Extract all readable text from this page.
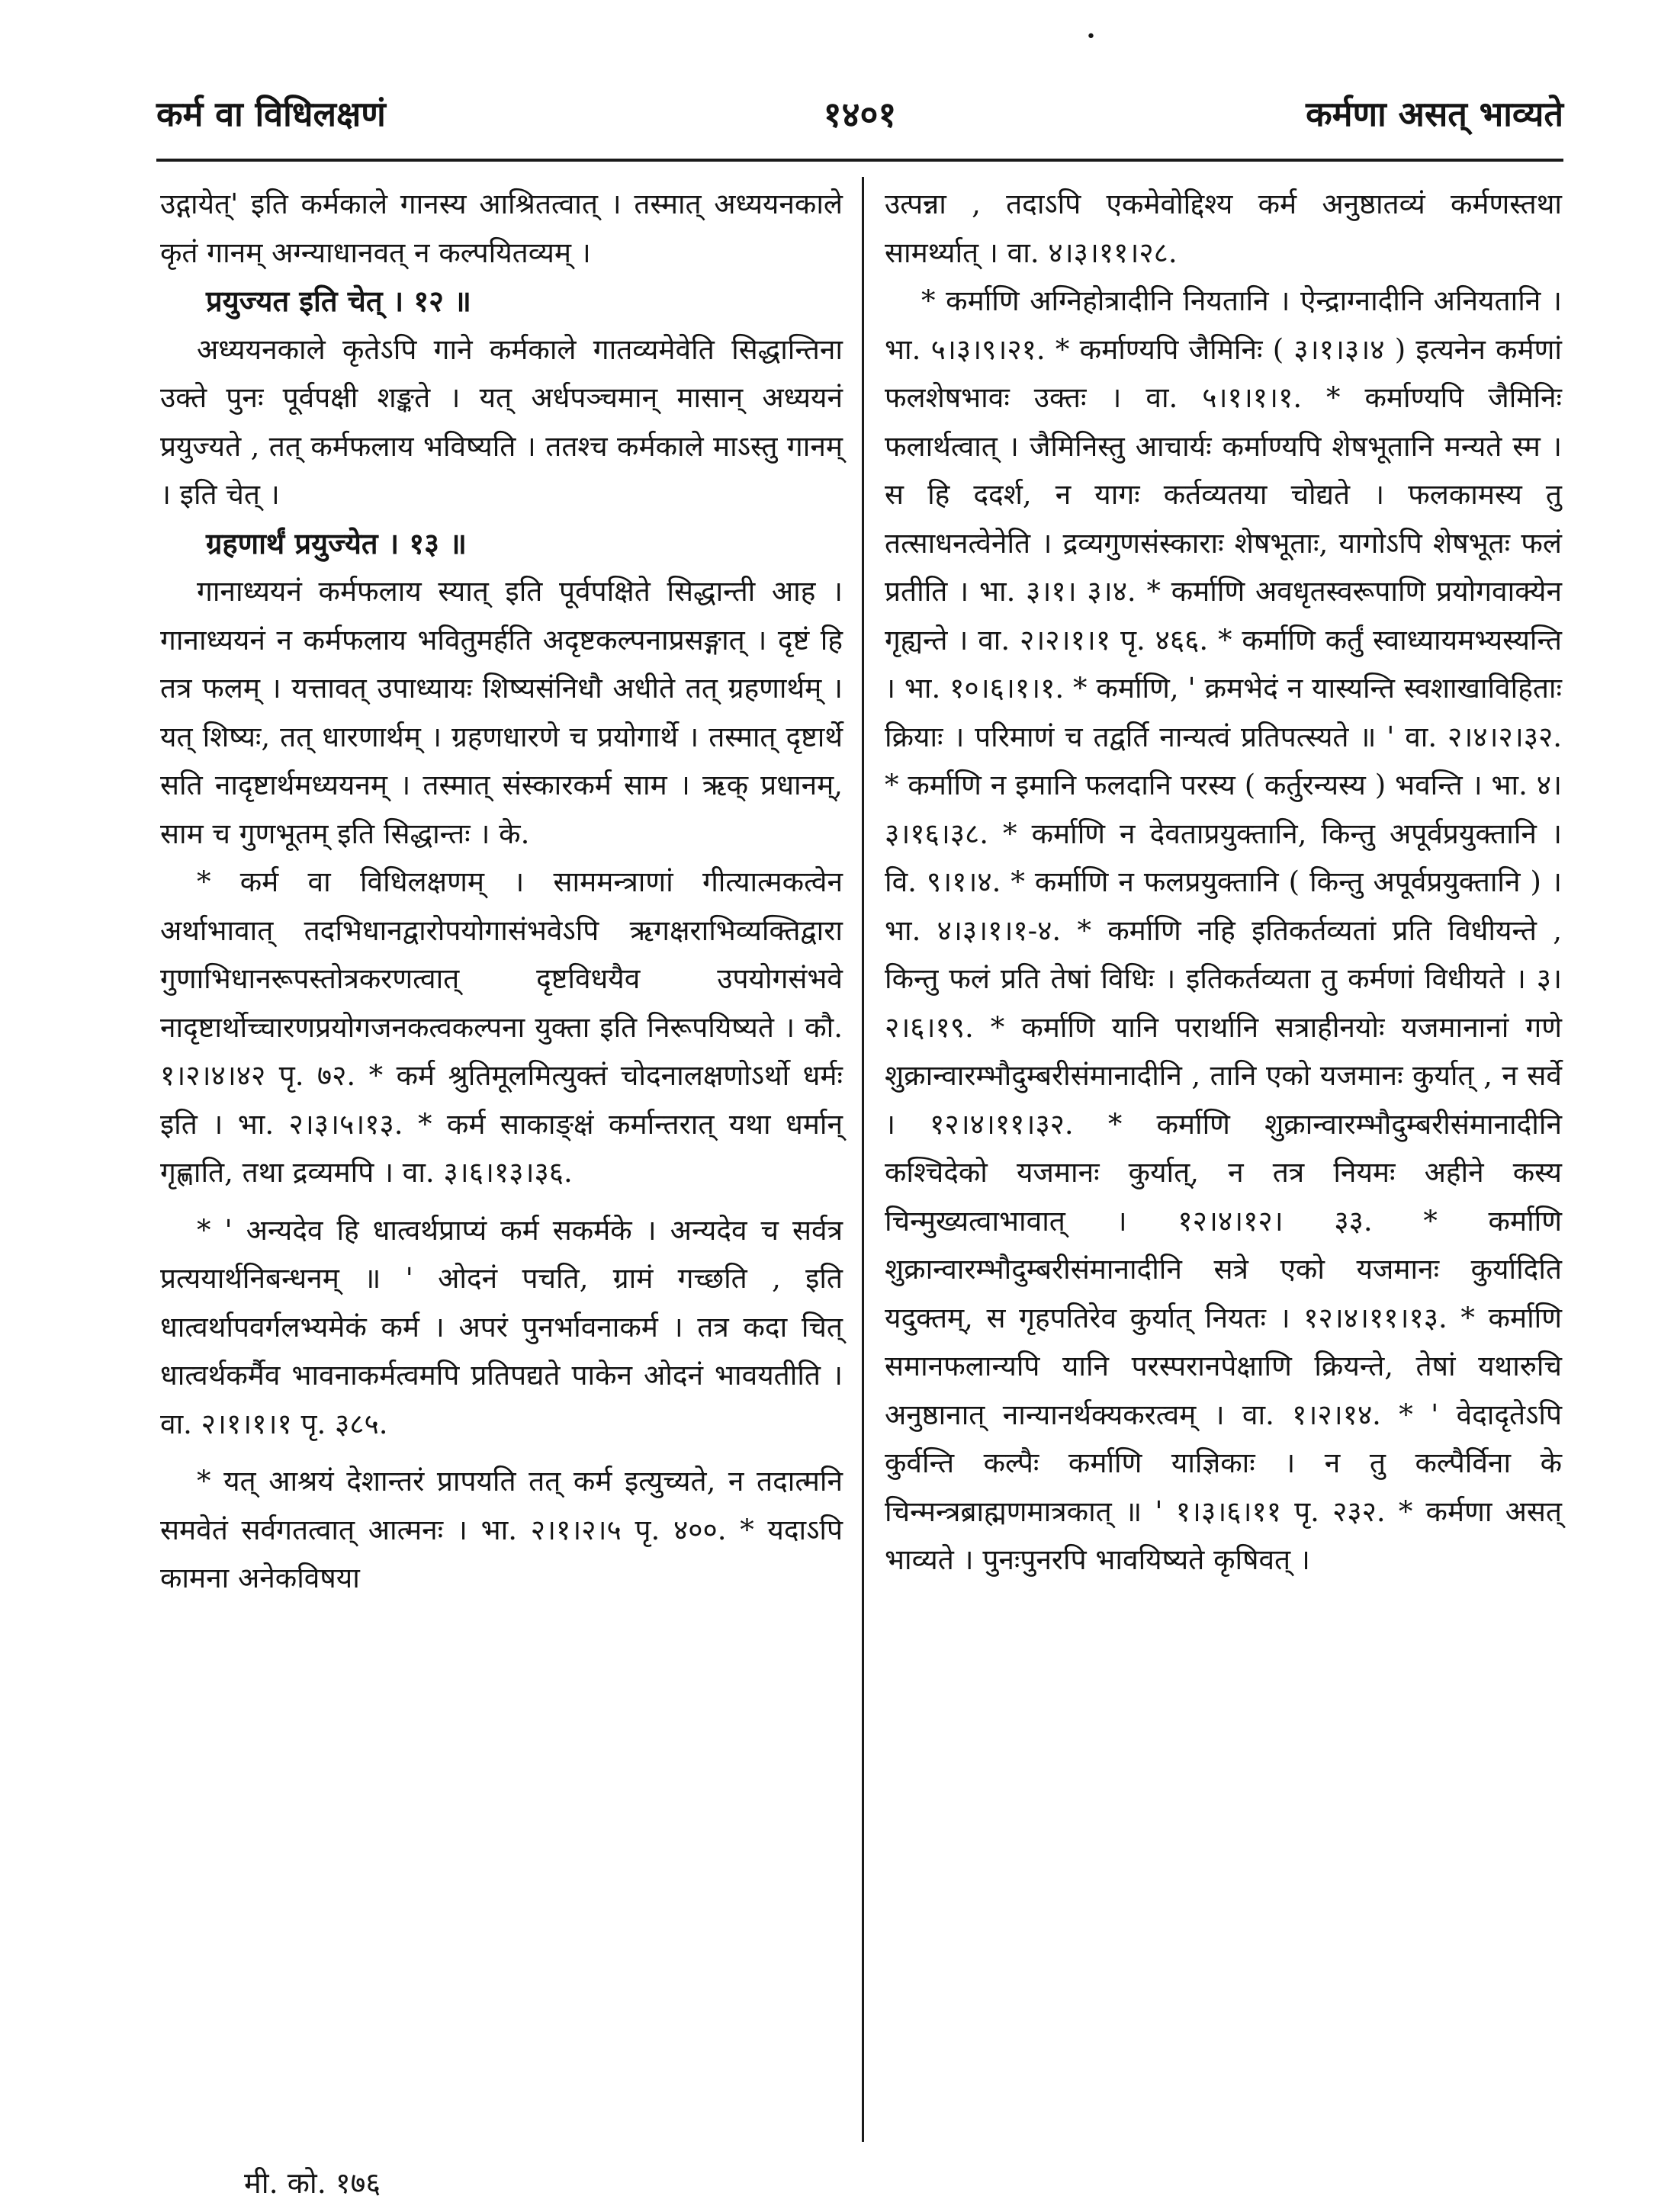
•
कर्म वा विधिलक्षणं	१४०१	कर्मणा असत् भाव्यते

उद्गायेत्' इति कर्मकाले गानस्य आश्रितत्वात् । तस्मात् अध्ययनकाले कृतं गानम् अग्न्याधानवत् न कल्पयितव्यम् ।

प्रयुज्यत इति चेत् । १२ ॥

अध्ययनकाले कृतेऽपि गाने कर्मकाले गातव्यमेवेति सिद्धान्तिना उक्ते पुनः पूर्वपक्षी शङ्कते । यत् अर्धपञ्चमान् मासान् अध्ययनं प्रयुज्यते , तत् कर्मफलाय भविष्यति । ततश्च कर्मकाले माऽस्तु गानम् । इति चेत् ।

ग्रहणार्थं प्रयुज्येत । १३ ॥

गानाध्ययनं कर्मफलाय स्यात् इति पूर्वपक्षिते सिद्धान्ती आह । गानाध्ययनं न कर्मफलाय भवितुमर्हति अदृष्टकल्पनाप्रसङ्गात् । दृष्टं हि तत्र फलम् । यत्तावत् उपाध्यायः शिष्यसंनिधौ अधीते तत् ग्रहणार्थम् । यत् शिष्यः, तत् धारणार्थम् । ग्रहणधारणे च प्रयोगार्थे । तस्मात् दृष्टार्थे सति नादृष्टार्थमध्ययनम् । तस्मात् संस्कारकर्म साम । ऋक् प्रधानम्, साम च गुणभूतम् इति सिद्धान्तः । के.

* कर्म वा विधिलक्षणम् । साममन्त्राणां गीत्यात्मकत्वेन अर्थाभावात् तदभिधानद्वारोपयोगासंभवेऽपि ऋगक्षराभिव्यक्तिद्वारा गुणाभिधानरूपस्तोत्रकरणत्वात् दृष्टविधयैव उपयोगसंभवे नादृष्टार्थोच्चारणप्रयोगजनकत्वकल्पना युक्ता इति निरूपयिष्यते । कौ. १।२।४।४२ पृ. ७२. * कर्म श्रुतिमूलमित्युक्तं चोदनालक्षणोऽर्थो धर्मः इति । भा. २।३।५।१३. * कर्म साकाङ्क्षं कर्मान्तरात् यथा धर्मान् गृह्णाति, तथा द्रव्यमपि । वा. ३।६।१३।३६.

* ' अन्यदेव हि धात्वर्थप्राप्यं कर्म सकर्मके । अन्यदेव च सर्वत्र प्रत्ययार्थनिबन्धनम् ॥ ' ओदनं पचति, ग्रामं गच्छति , इति धात्वर्थापवर्गलभ्यमेकं कर्म । अपरं पुनर्भावनाकर्म । तत्र कदा चित् धात्वर्थकर्मैव भावनाकर्मत्वमपि प्रतिपद्यते पाकेन ओदनं भावयतीति । वा. २।१।१।१ पृ. ३८५.

* यत् आश्रयं देशान्तरं प्रापयति तत् कर्म इत्युच्यते, न तदात्मनि समवेतं सर्वगतत्वात् आत्मनः । भा. २।१।२।५ पृ. ४००. * यदाऽपि कामना अनेकविषया

उत्पन्ना , तदाऽपि एकमेवोद्दिश्य कर्म अनुष्ठातव्यं कर्मणस्तथा सामर्थ्यात् । वा. ४।३।११।२८.

* कर्माणि अग्निहोत्रादीनि नियतानि । ऐन्द्राग्नादीनि अनियतानि । भा. ५।३।९।२१. * कर्माण्यपि जैमिनिः ( ३।१।३।४ ) इत्यनेन कर्मणां फलशेषभावः उक्तः । वा. ५।१।१।१. * कर्माण्यपि जैमिनिः फलार्थत्वात् । जैमिनिस्तु आचार्यः कर्माण्यपि शेषभूतानि मन्यते स्म । स हि ददर्श, न यागः कर्तव्यतया चोद्यते । फलकामस्य तु तत्साधनत्वेनेति । द्रव्यगुणसंस्काराः शेषभूताः, यागोऽपि शेषभूतः फलं प्रतीति । भा. ३।१। ३।४. * कर्माणि अवधृतस्वरूपाणि प्रयोगवाक्येन गृह्यन्ते । वा. २।२।१।१ पृ. ४६६. * कर्माणि कर्तुं स्वाध्यायमभ्यस्यन्ति । भा. १०।६।१।१. * कर्माणि, ' क्रमभेदं न यास्यन्ति स्वशाखाविहिताः क्रियाः । परिमाणं च तद्वर्ति नान्यत्वं प्रतिपत्स्यते ॥ ' वा. २।४।२।३२. * कर्माणि न इमानि फलदानि परस्य ( कर्तुरन्यस्य ) भवन्ति । भा. ४।३।१६।३८. * कर्माणि न देवताप्रयुक्तानि, किन्तु अपूर्वप्रयुक्तानि । वि. ९।१।४. * कर्माणि न फलप्रयुक्तानि ( किन्तु अपूर्वप्रयुक्तानि ) । भा. ४।३।१।१-४. * कर्माणि नहि इतिकर्तव्यतां प्रति विधीयन्ते , किन्तु फलं प्रति तेषां विधिः । इतिकर्तव्यता तु कर्मणां विधीयते । ३।२।६।१९. * कर्माणि यानि परार्थानि सत्राहीनयोः यजमानानां गणे शुक्रान्वारम्भौदुम्बरीसंमानादीनि , तानि एको यजमानः कुर्यात् , न सर्वे । १२।४।११।३२. * कर्माणि शुक्रान्वारम्भौदुम्बरीसंमानादीनि कश्चिदेको यजमानः कुर्यात्, न तत्र नियमः अहीने कस्य चिन्मुख्यत्वाभावात् । १२।४।१२। ३३. * कर्माणि शुक्रान्वारम्भौदुम्बरीसंमानादीनि सत्रे एको यजमानः कुर्यादिति यदुक्तम्, स गृहपतिरेव कुर्यात् नियतः । १२।४।११।१३. * कर्माणि समानफलान्यपि यानि परस्परानपेक्षाणि क्रियन्ते, तेषां यथारुचि अनुष्ठानात् नान्यानर्थक्यकरत्वम् । वा. १।२।१४. * ' वेदादृतेऽपि कुर्वन्ति कल्पैः कर्माणि याज्ञिकाः । न तु कल्पैर्विना के चिन्मन्त्रब्राह्मणमात्रकात् ॥ ' १।३।६।११ पृ. २३२. * कर्मणा असत् भाव्यते । पुनःपुनरपि भावयिष्यते कृषिवत् ।

मी. को. १७६
